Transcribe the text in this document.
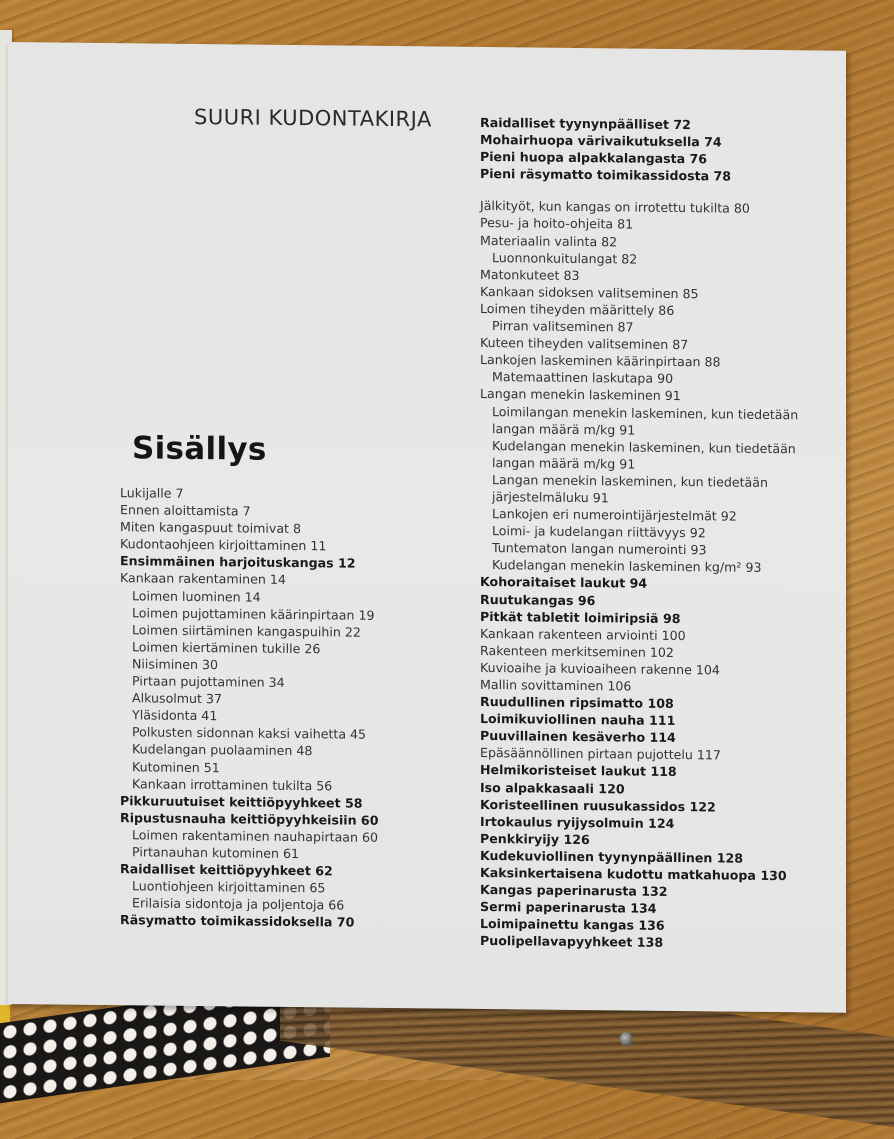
SUURI KUDONTAKIRJA
Sisällys
Lukijalle 7
Ennen aloittamista 7
Miten kangaspuut toimivat 8
Kudontaohjeen kirjoittaminen 11
Ensimmäinen harjoituskangas 12
Kankaan rakentaminen 14
Loimen luominen 14
Loimen pujottaminen käärinpirtaan 19
Loimen siirtäminen kangaspuihin 22
Loimen kiertäminen tukille 26
Niisiminen 30
Pirtaan pujottaminen 34
Alkusolmut 37
Yläsidonta 41
Polkusten sidonnan kaksi vaihetta 45
Kudelangan puolaaminen 48
Kutominen 51
Kankaan irrottaminen tukilta 56
Pikkuruutuiset keittiöpyyhkeet 58
Ripustusnauha keittiöpyyhkeisiin 60
Loimen rakentaminen nauhapirtaan 60
Pirtanauhan kutominen 61
Raidalliset keittiöpyyhkeet 62
Luontiohjeen kirjoittaminen 65
Erilaisia sidontoja ja poljentoja 66
Räsymatto toimikassidoksella 70
Raidalliset tyynynpäälliset 72
Mohairhuopa värivaikutuksella 74
Pieni huopa alpakkalangasta 76
Pieni räsymatto toimikassidosta 78
Jälkityöt, kun kangas on irrotettu tukilta 80
Pesu- ja hoito-ohjeita 81
Materiaalin valinta 82
Luonnonkuitulangat 82
Matonkuteet 83
Kankaan sidoksen valitseminen 85
Loimen tiheyden määrittely 86
Pirran valitseminen 87
Kuteen tiheyden valitseminen 87
Lankojen laskeminen käärinpirtaan 88
Matemaattinen laskutapa 90
Langan menekin laskeminen 91
Loimilangan menekin laskeminen, kun tiedetään
langan määrä m/kg 91
Kudelangan menekin laskeminen, kun tiedetään
langan määrä m/kg 91
Langan menekin laskeminen, kun tiedetään
järjestelmäluku 91
Lankojen eri numerointijärjestelmät 92
Loimi- ja kudelangan riittävyys 92
Tuntematon langan numerointi 93
Kudelangan menekin laskeminen kg/m² 93
Kohoraitaiset laukut 94
Ruutukangas 96
Pitkät tabletit loimiripsiä 98
Kankaan rakenteen arviointi 100
Rakenteen merkitseminen 102
Kuvioaihe ja kuvioaiheen rakenne 104
Mallin sovittaminen 106
Ruudullinen ripsimatto 108
Loimikuviollinen nauha 111
Puuvillainen kesäverho 114
Epäsäännöllinen pirtaan pujottelu 117
Helmikoristeiset laukut 118
Iso alpakkasaali 120
Koristeellinen ruusukassidos 122
Irtokaulus ryijysolmuin 124
Penkkiryijy 126
Kudekuviollinen tyynynpäällinen 128
Kaksinkertaisena kudottu matkahuopa 130
Kangas paperinarusta 132
Sermi paperinarusta 134
Loimipainettu kangas 136
Puolipellavapyyhkeet 138
